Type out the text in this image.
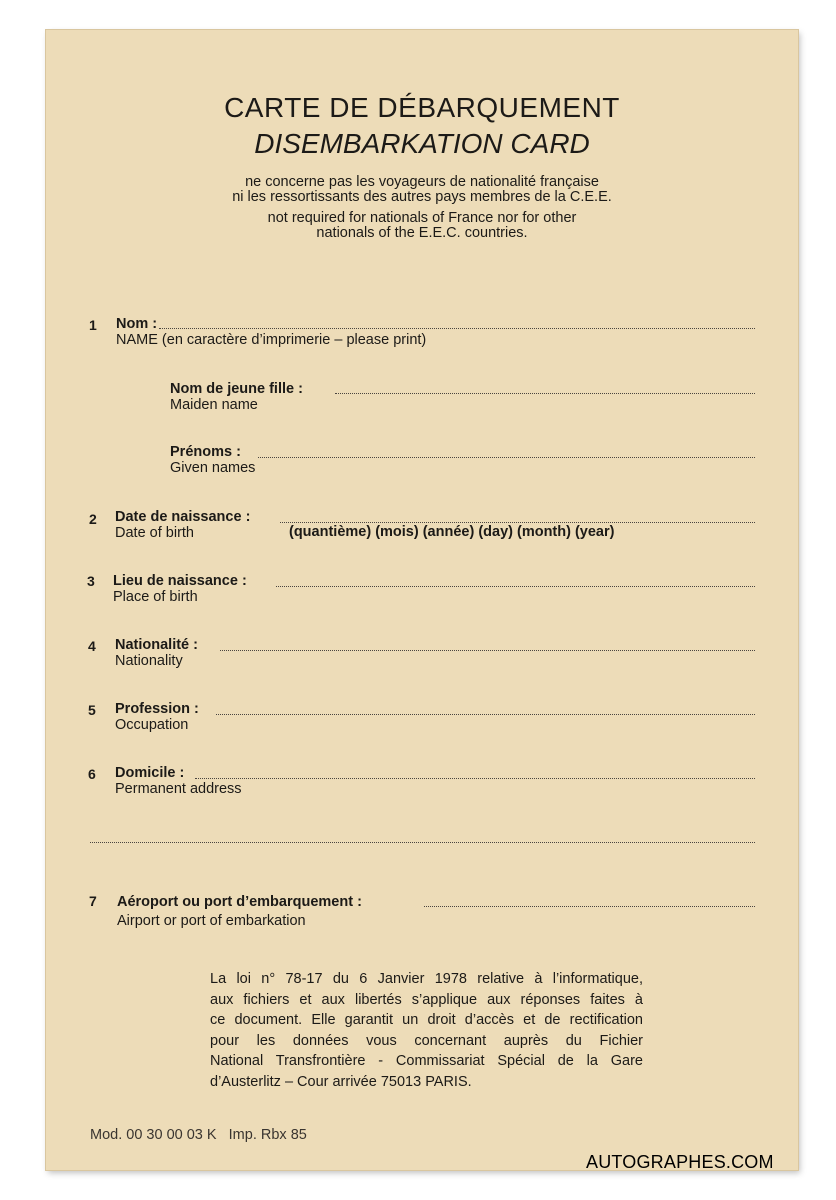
CARTE DE DÉBARQUEMENT
DISEMBARKATION CARD
ne concerne pas les voyageurs de nationalité française
ni les ressortissants des autres pays membres de la C.E.E.
not required for nationals of France nor for other
nationals of the E.E.C. countries.
1 Nom :
NAME (en caractère d’imprimerie – please print)
Nom de jeune fille :
Maiden name
Prénoms :
Given names
2 Date de naissance :
Date of birth	(quantième) (mois) (année) (day) (month) (year)
3 Lieu de naissance :
Place of birth
4 Nationalité :
Nationality
5 Profession :
Occupation
6 Domicile :
Permanent address
7 Aéroport ou port d’embarquement :
Airport or port of embarkation
La loi n° 78-17 du 6 Janvier 1978 relative à l’informatique,
aux fichiers et aux libertés s’applique aux réponses faites à
ce document. Elle garantit un droit d’accès et de rectification
pour les données vous concernant auprès du Fichier
National Transfrontière - Commissariat Spécial de la Gare
d’Austerlitz – Cour arrivée 75013 PARIS.
Mod. 00 30 00 03 K   Imp. Rbx 85
AUTOGRAPHES.COM
